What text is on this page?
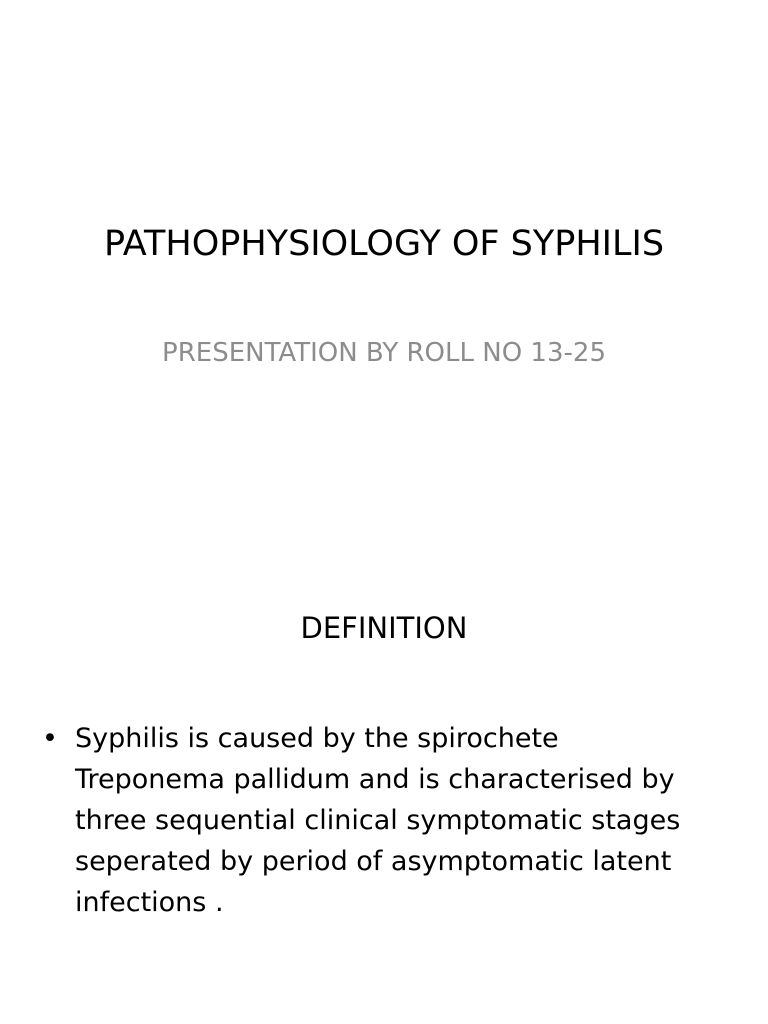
PATHOPHYSIOLOGY OF SYPHILIS

PRESENTATION BY ROLL NO 13-25

DEFINITION
• Syphilis is caused by the spirochete
Treponema pallidum and is characterised by
three sequential clinical symptomatic stages
seperated by period of asymptomatic latent
infections .
